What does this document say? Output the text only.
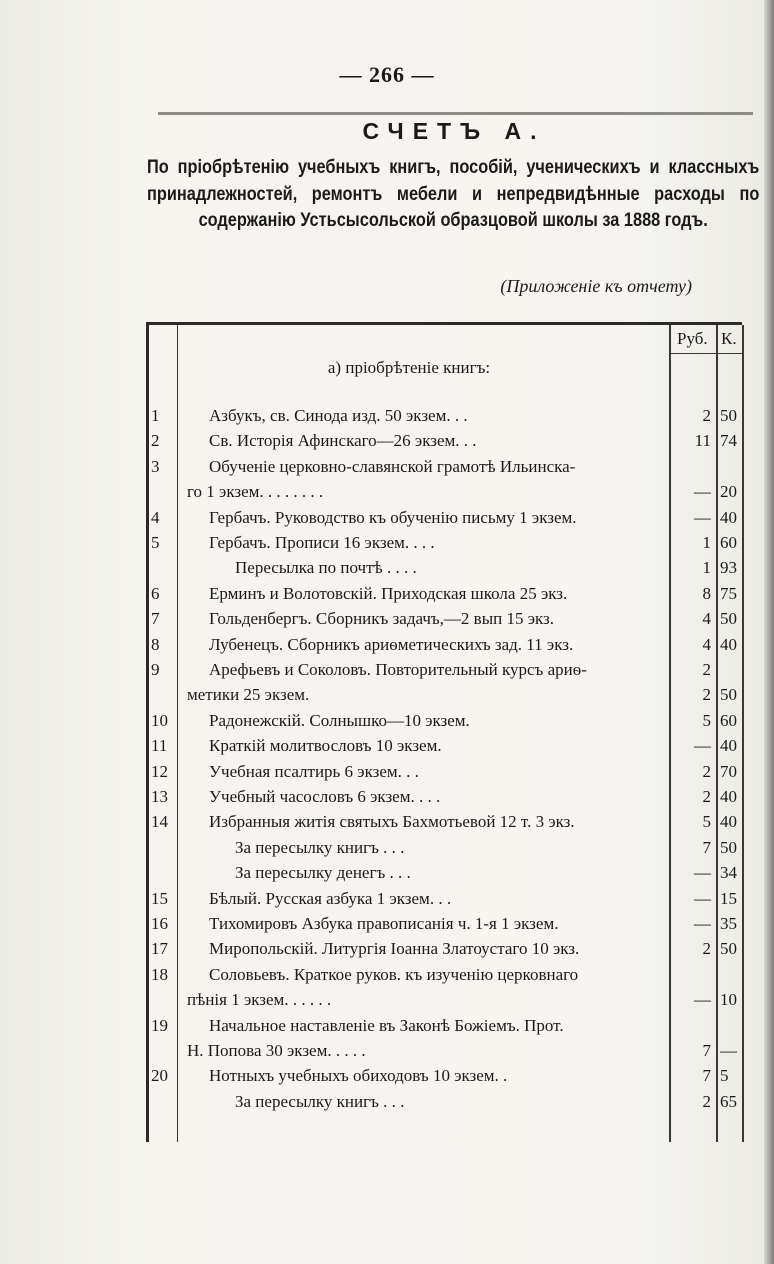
— 266 —
СЧЕТЪ А.
По пріобрѣтенію учебныхъ книгъ, пособій, ученическихъ и классныхъ принадлежностей, ремонтъ мебели и непредвидѣнные расходы по содержанію Устьсысольской образцовой школы за 1888 годъ.
(Приложеніе къ отчету)
Руб. К.
а) пріобрѣтеніе книгъ:
1	Азбукъ, св. Синода изд. 50 экзем. . .	2 50
2	Св. Исторія Афинскаго—26 экзем. . .	11 74
3	Обученіе церковно-славянской грамотѣ Ильинска-
го 1 экзем. . . . . . . .	— 20
4	Гербачъ. Руководство къ обученію письму 1 экзем.	— 40
5	Гербачъ. Прописи 16 экзем. . . .	1 60
Пересылка по почтѣ . . . .	1 93
6	Ерминъ и Волотовскій. Приходская школа 25 экз.	8 75
7	Гольденбергъ. Сборникъ задачъ,—2 вып 15 экз.	4 50
8	Лубенецъ. Сборникъ ариѳметическихъ зад. 11 экз.	4 40
9	Арефьевъ и Соколовъ. Повторительный курсъ ариѳ-	2
метики 25 экзем.	2 50
10	Радонежскій. Солнышко—10 экзем.	5 60
11	Краткій молитвословъ 10 экзем.	— 40
12	Учебная псалтирь 6 экзем. . .	2 70
13	Учебный часословъ 6 экзем. . . .	2 40
14	Избранныя житія святыхъ Бахмотьевой 12 т. 3 экз.	5 40
За пересылку книгъ . . .	7 50
За пересылку денегъ . . .	— 34
15	Бѣлый. Русская азбука 1 экзем. . .	— 15
16	Тихомировъ Азбука правописанія ч. 1-я 1 экзем.	— 35
17	Миропольскій. Литургія Іоанна Златоустаго 10 экз.	2 50
18	Соловьевъ. Краткое руков. къ изученію церковнаго
пѣнія 1 экзем. . . . . .	— 10
19	Начальное наставленіе въ Законѣ Божіемъ. Прот.
Н. Попова 30 экзем. . . . .	7 —
20	Нотныхъ учебныхъ обиходовъ 10 экзем. .	7 5
За пересылку книгъ . . .	2 65
